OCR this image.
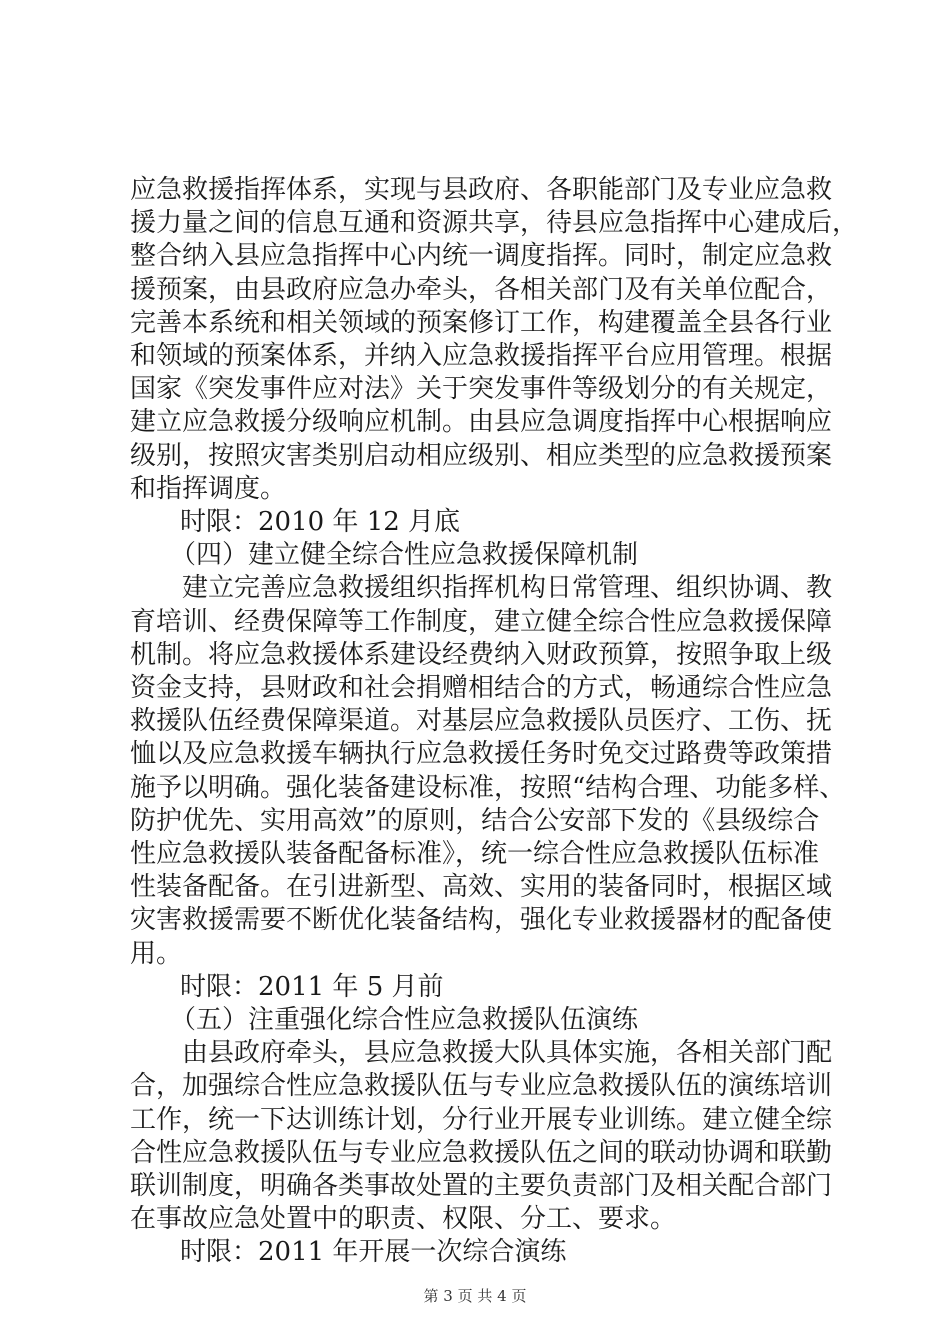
应急救援指挥体系，实现与县政府、各职能部门及专业应急救
援力量之间的信息互通和资源共享，待县应急指挥中心建成后，
整合纳入县应急指挥中心内统一调度指挥。同时，制定应急救
援预案，由县政府应急办牵头，各相关部门及有关单位配合，
完善本系统和相关领域的预案修订工作，构建覆盖全县各行业
和领域的预案体系，并纳入应急救援指挥平台应用管理。根据
国家《突发事件应对法》关于突发事件等级划分的有关规定，
建立应急救援分级响应机制。由县应急调度指挥中心根据响应
级别，按照灾害类别启动相应级别、相应类型的应急救援预案
和指挥调度。
时限：2010 年 12 月底
（四）建立健全综合性应急救援保障机制
建立完善应急救援组织指挥机构日常管理、组织协调、教
育培训、经费保障等工作制度，建立健全综合性应急救援保障
机制。将应急救援体系建设经费纳入财政预算，按照争取上级
资金支持，县财政和社会捐赠相结合的方式，畅通综合性应急
救援队伍经费保障渠道。对基层应急救援队员医疗、工伤、抚
恤以及应急救援车辆执行应急救援任务时免交过路费等政策措
施予以明确。强化装备建设标准，按照“结构合理、功能多样、
防护优先、实用高效”的原则，结合公安部下发的《县级综合
性应急救援队装备配备标准》，统一综合性应急救援队伍标准
性装备配备。在引进新型、高效、实用的装备同时，根据区域
灾害救援需要不断优化装备结构，强化专业救援器材的配备使
用。
时限：2011 年 5 月前
（五）注重强化综合性应急救援队伍演练
由县政府牵头，县应急救援大队具体实施，各相关部门配
合，加强综合性应急救援队伍与专业应急救援队伍的演练培训
工作，统一下达训练计划，分行业开展专业训练。建立健全综
合性应急救援队伍与专业应急救援队伍之间的联动协调和联勤
联训制度，明确各类事故处置的主要负责部门及相关配合部门
在事故应急处置中的职责、权限、分工、要求。
时限：2011 年开展一次综合演练
第 3 页 共 4 页
